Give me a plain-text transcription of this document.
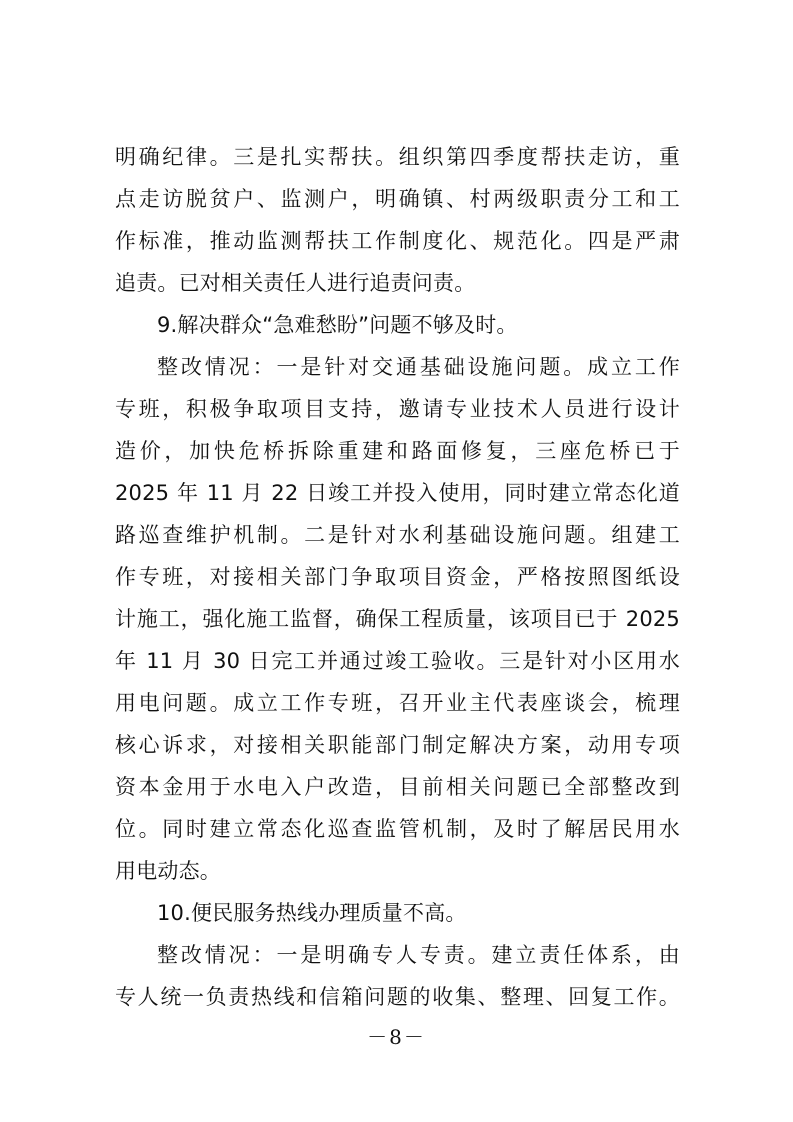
明确纪律。三是扎实帮扶。组织第四季度帮扶走访，重
点走访脱贫户、监测户，明确镇、村两级职责分工和工
作标准，推动监测帮扶工作制度化、规范化。四是严肃
追责。已对相关责任人进行追责问责。
9.解决群众“急难愁盼”问题不够及时。
整改情况：一是针对交通基础设施问题。成立工作
专班，积极争取项目支持，邀请专业技术人员进行设计
造价，加快危桥拆除重建和路面修复，三座危桥已于
2025 年 11 月 22 日竣工并投入使用，同时建立常态化道
路巡查维护机制。二是针对水利基础设施问题。组建工
作专班，对接相关部门争取项目资金，严格按照图纸设
计施工，强化施工监督，确保工程质量，该项目已于 2025
年 11 月 30 日完工并通过竣工验收。三是针对小区用水
用电问题。成立工作专班，召开业主代表座谈会，梳理
核心诉求，对接相关职能部门制定解决方案，动用专项
资本金用于水电入户改造，目前相关问题已全部整改到
位。同时建立常态化巡查监管机制，及时了解居民用水
用电动态。
10.便民服务热线办理质量不高。
整改情况：一是明确专人专责。建立责任体系，由
专人统一负责热线和信箱问题的收集、整理、回复工作。
－8－
